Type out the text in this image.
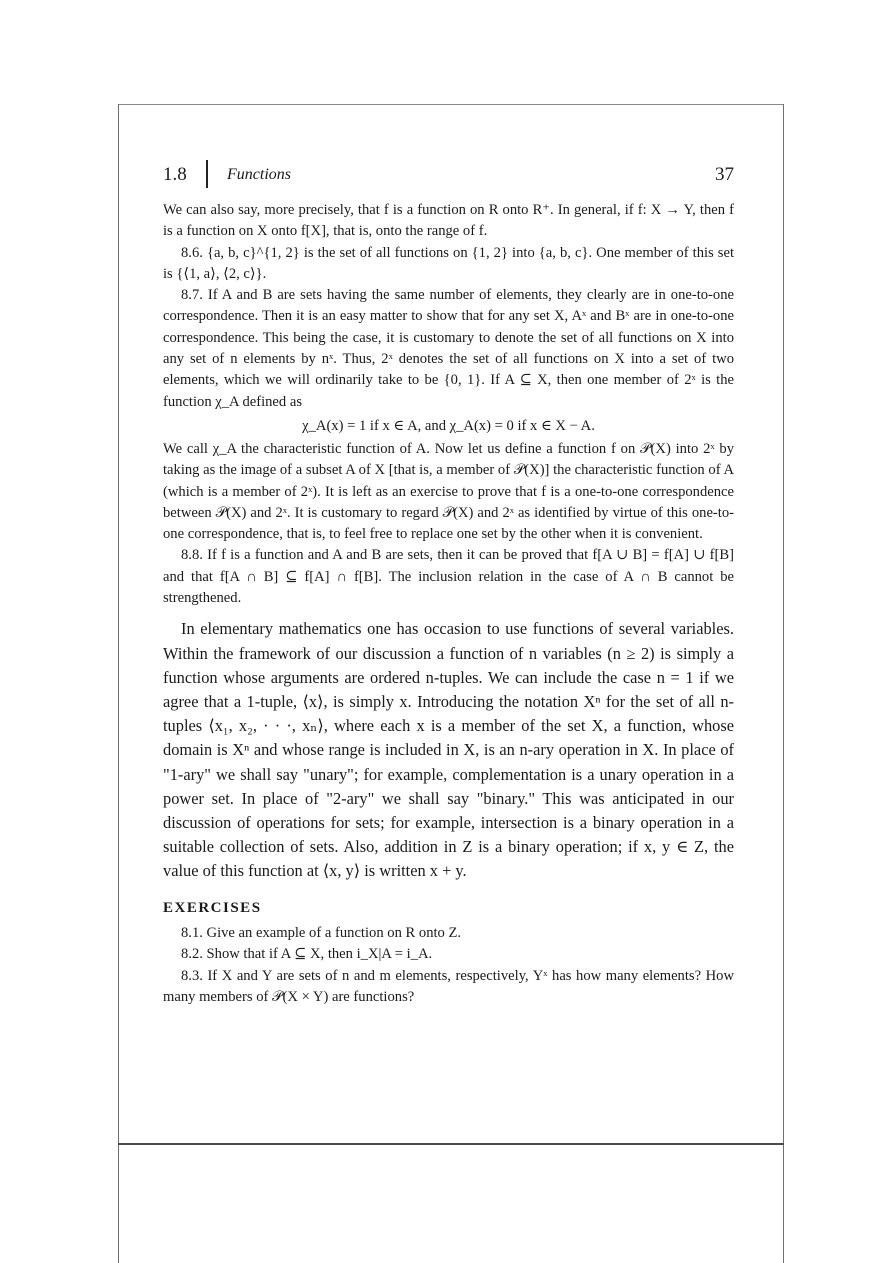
1.8	Functions	37

We can also say, more precisely, that f is a function on R onto R⁺. In general, if f: X → Y, then f is a function on X onto f[X], that is, onto the range of f.

8.6. {a, b, c}^{1, 2} is the set of all functions on {1, 2} into {a, b, c}. One member of this set is {⟨1, a⟩, ⟨2, c⟩}.

8.7. If A and B are sets having the same number of elements, they clearly are in one-to-one correspondence. Then it is an easy matter to show that for any set X, Aˣ and Bˣ are in one-to-one correspondence. This being the case, it is customary to denote the set of all functions on X into any set of n elements by nˣ. Thus, 2ˣ denotes the set of all functions on X into a set of two elements, which we will ordinarily take to be {0, 1}. If A ⊆ X, then one member of 2ˣ is the function χ_A defined as

χ_A(x) = 1 if x ∈ A, and χ_A(x) = 0 if x ∈ X − A.

We call χ_A the characteristic function of A. Now let us define a function f on 𝒫(X) into 2ˣ by taking as the image of a subset A of X [that is, a member of 𝒫(X)] the characteristic function of A (which is a member of 2ˣ). It is left as an exercise to prove that f is a one-to-one correspondence between 𝒫(X) and 2ˣ. It is customary to regard 𝒫(X) and 2ˣ as identified by virtue of this one-to-one correspondence, that is, to feel free to replace one set by the other when it is convenient.

8.8. If f is a function and A and B are sets, then it can be proved that f[A ∪ B] = f[A] ∪ f[B] and that f[A ∩ B] ⊆ f[A] ∩ f[B]. The inclusion relation in the case of A ∩ B cannot be strengthened.

In elementary mathematics one has occasion to use functions of several variables. Within the framework of our discussion a function of n variables (n ≥ 2) is simply a function whose arguments are ordered n-tuples. We can include the case n = 1 if we agree that a 1-tuple, ⟨x⟩, is simply x. Introducing the notation Xⁿ for the set of all n-tuples ⟨x₁, x₂, · · ·, xₙ⟩, where each x is a member of the set X, a function, whose domain is Xⁿ and whose range is included in X, is an n-ary operation in X. In place of "1-ary" we shall say "unary"; for example, complementation is a unary operation in a power set. In place of "2-ary" we shall say "binary." This was anticipated in our discussion of operations for sets; for example, intersection is a binary operation in a suitable collection of sets. Also, addition in Z is a binary operation; if x, y ∈ Z, the value of this function at ⟨x, y⟩ is written x + y.

EXERCISES

8.1. Give an example of a function on R onto Z.

8.2. Show that if A ⊆ X, then i_X|A = i_A.

8.3. If X and Y are sets of n and m elements, respectively, Yˣ has how many elements? How many members of 𝒫(X × Y) are functions?
